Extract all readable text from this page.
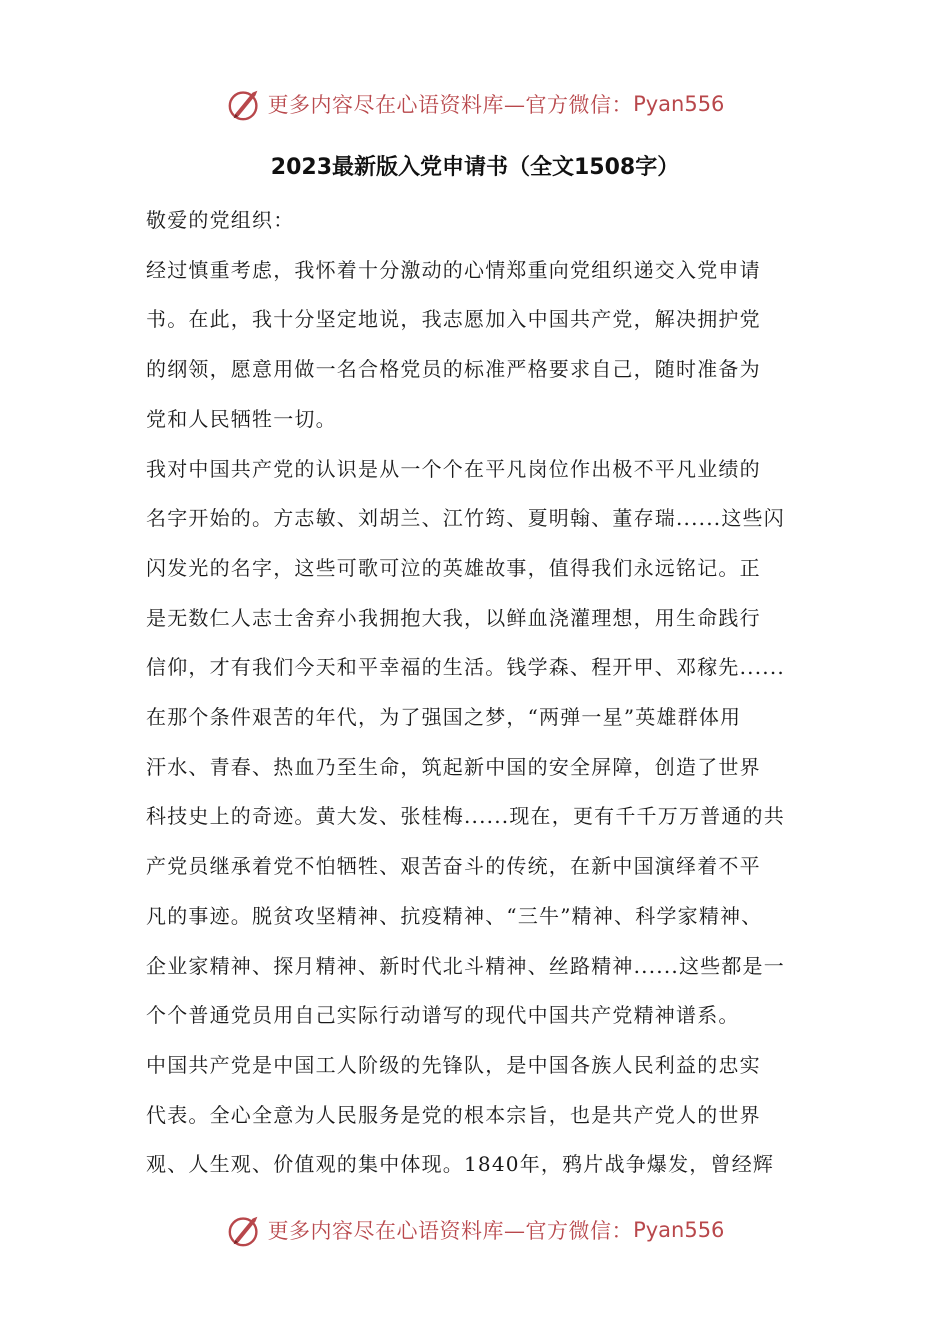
更多内容尽在心语资料库—官方微信： Pyan556
2023最新版入党申请书（全文1508字）

敬爱的党组织：

经过慎重考虑，我怀着十分激动的心情郑重向党组织递交入党申请

书。在此，我十分坚定地说，我志愿加入中国共产党，解决拥护党

的纲领，愿意用做一名合格党员的标准严格要求自己，随时准备为

党和人民牺牲一切。

我对中国共产党的认识是从一个个在平凡岗位作出极不平凡业绩的

名字开始的。方志敏、刘胡兰、江竹筠、夏明翰、董存瑞......这些闪

闪发光的名字，这些可歌可泣的英雄故事，值得我们永远铭记。正

是无数仁人志士舍弃小我拥抱大我，以鲜血浇灌理想，用生命践行

信仰，才有我们今天和平幸福的生活。钱学森、程开甲、邓稼先......

在那个条件艰苦的年代，为了强国之梦，“两弹一星”英雄群体用

汗水、青春、热血乃至生命，筑起新中国的安全屏障，创造了世界

科技史上的奇迹。黄大发、张桂梅......现在，更有千千万万普通的共

产党员继承着党不怕牺牲、艰苦奋斗的传统，在新中国演绎着不平

凡的事迹。脱贫攻坚精神、抗疫精神、“三牛”精神、科学家精神、

企业家精神、探月精神、新时代北斗精神、丝路精神......这些都是一

个个普通党员用自己实际行动谱写的现代中国共产党精神谱系。

中国共产党是中国工人阶级的先锋队，是中国各族人民利益的忠实

代表。全心全意为人民服务是党的根本宗旨，也是共产党人的世界

观、人生观、价值观的集中体现。1840年，鸦片战争爆发，曾经辉

更多内容尽在心语资料库—官方微信： Pyan556
